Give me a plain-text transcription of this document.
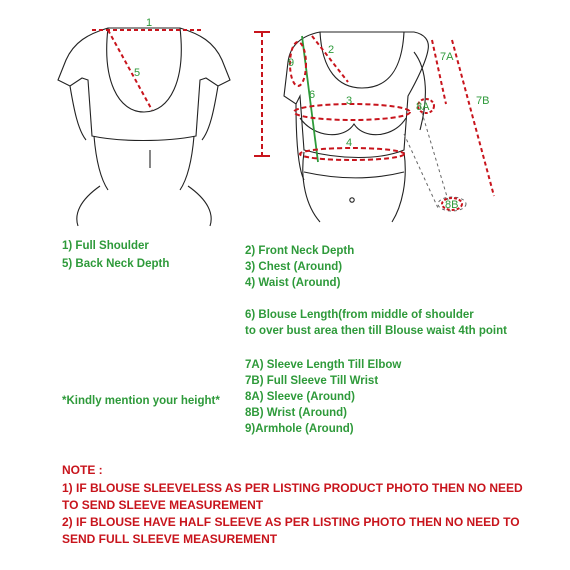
1
5
2
9
6	3
4
7A
7B
8A
8B
1) Full Shoulder
5) Back Neck Depth
2) Front Neck Depth
3) Chest (Around)
4) Waist (Around)
6) Blouse Length(from middle of shoulder
to over bust area then till Blouse waist 4th point
7A) Sleeve Length Till Elbow
7B) Full Sleeve Till Wrist
8A) Sleeve (Around)
8B) Wrist (Around)
9)Armhole (Around)
*Kindly mention your height*
NOTE :
1) IF BLOUSE SLEEVELESS AS PER LISTING PRODUCT PHOTO THEN NO NEED
TO SEND SLEEVE MEASUREMENT
2) IF BLOUSE HAVE HALF SLEEVE AS PER LISTING PHOTO THEN NO NEED TO
SEND FULL SLEEVE MEASUREMENT
